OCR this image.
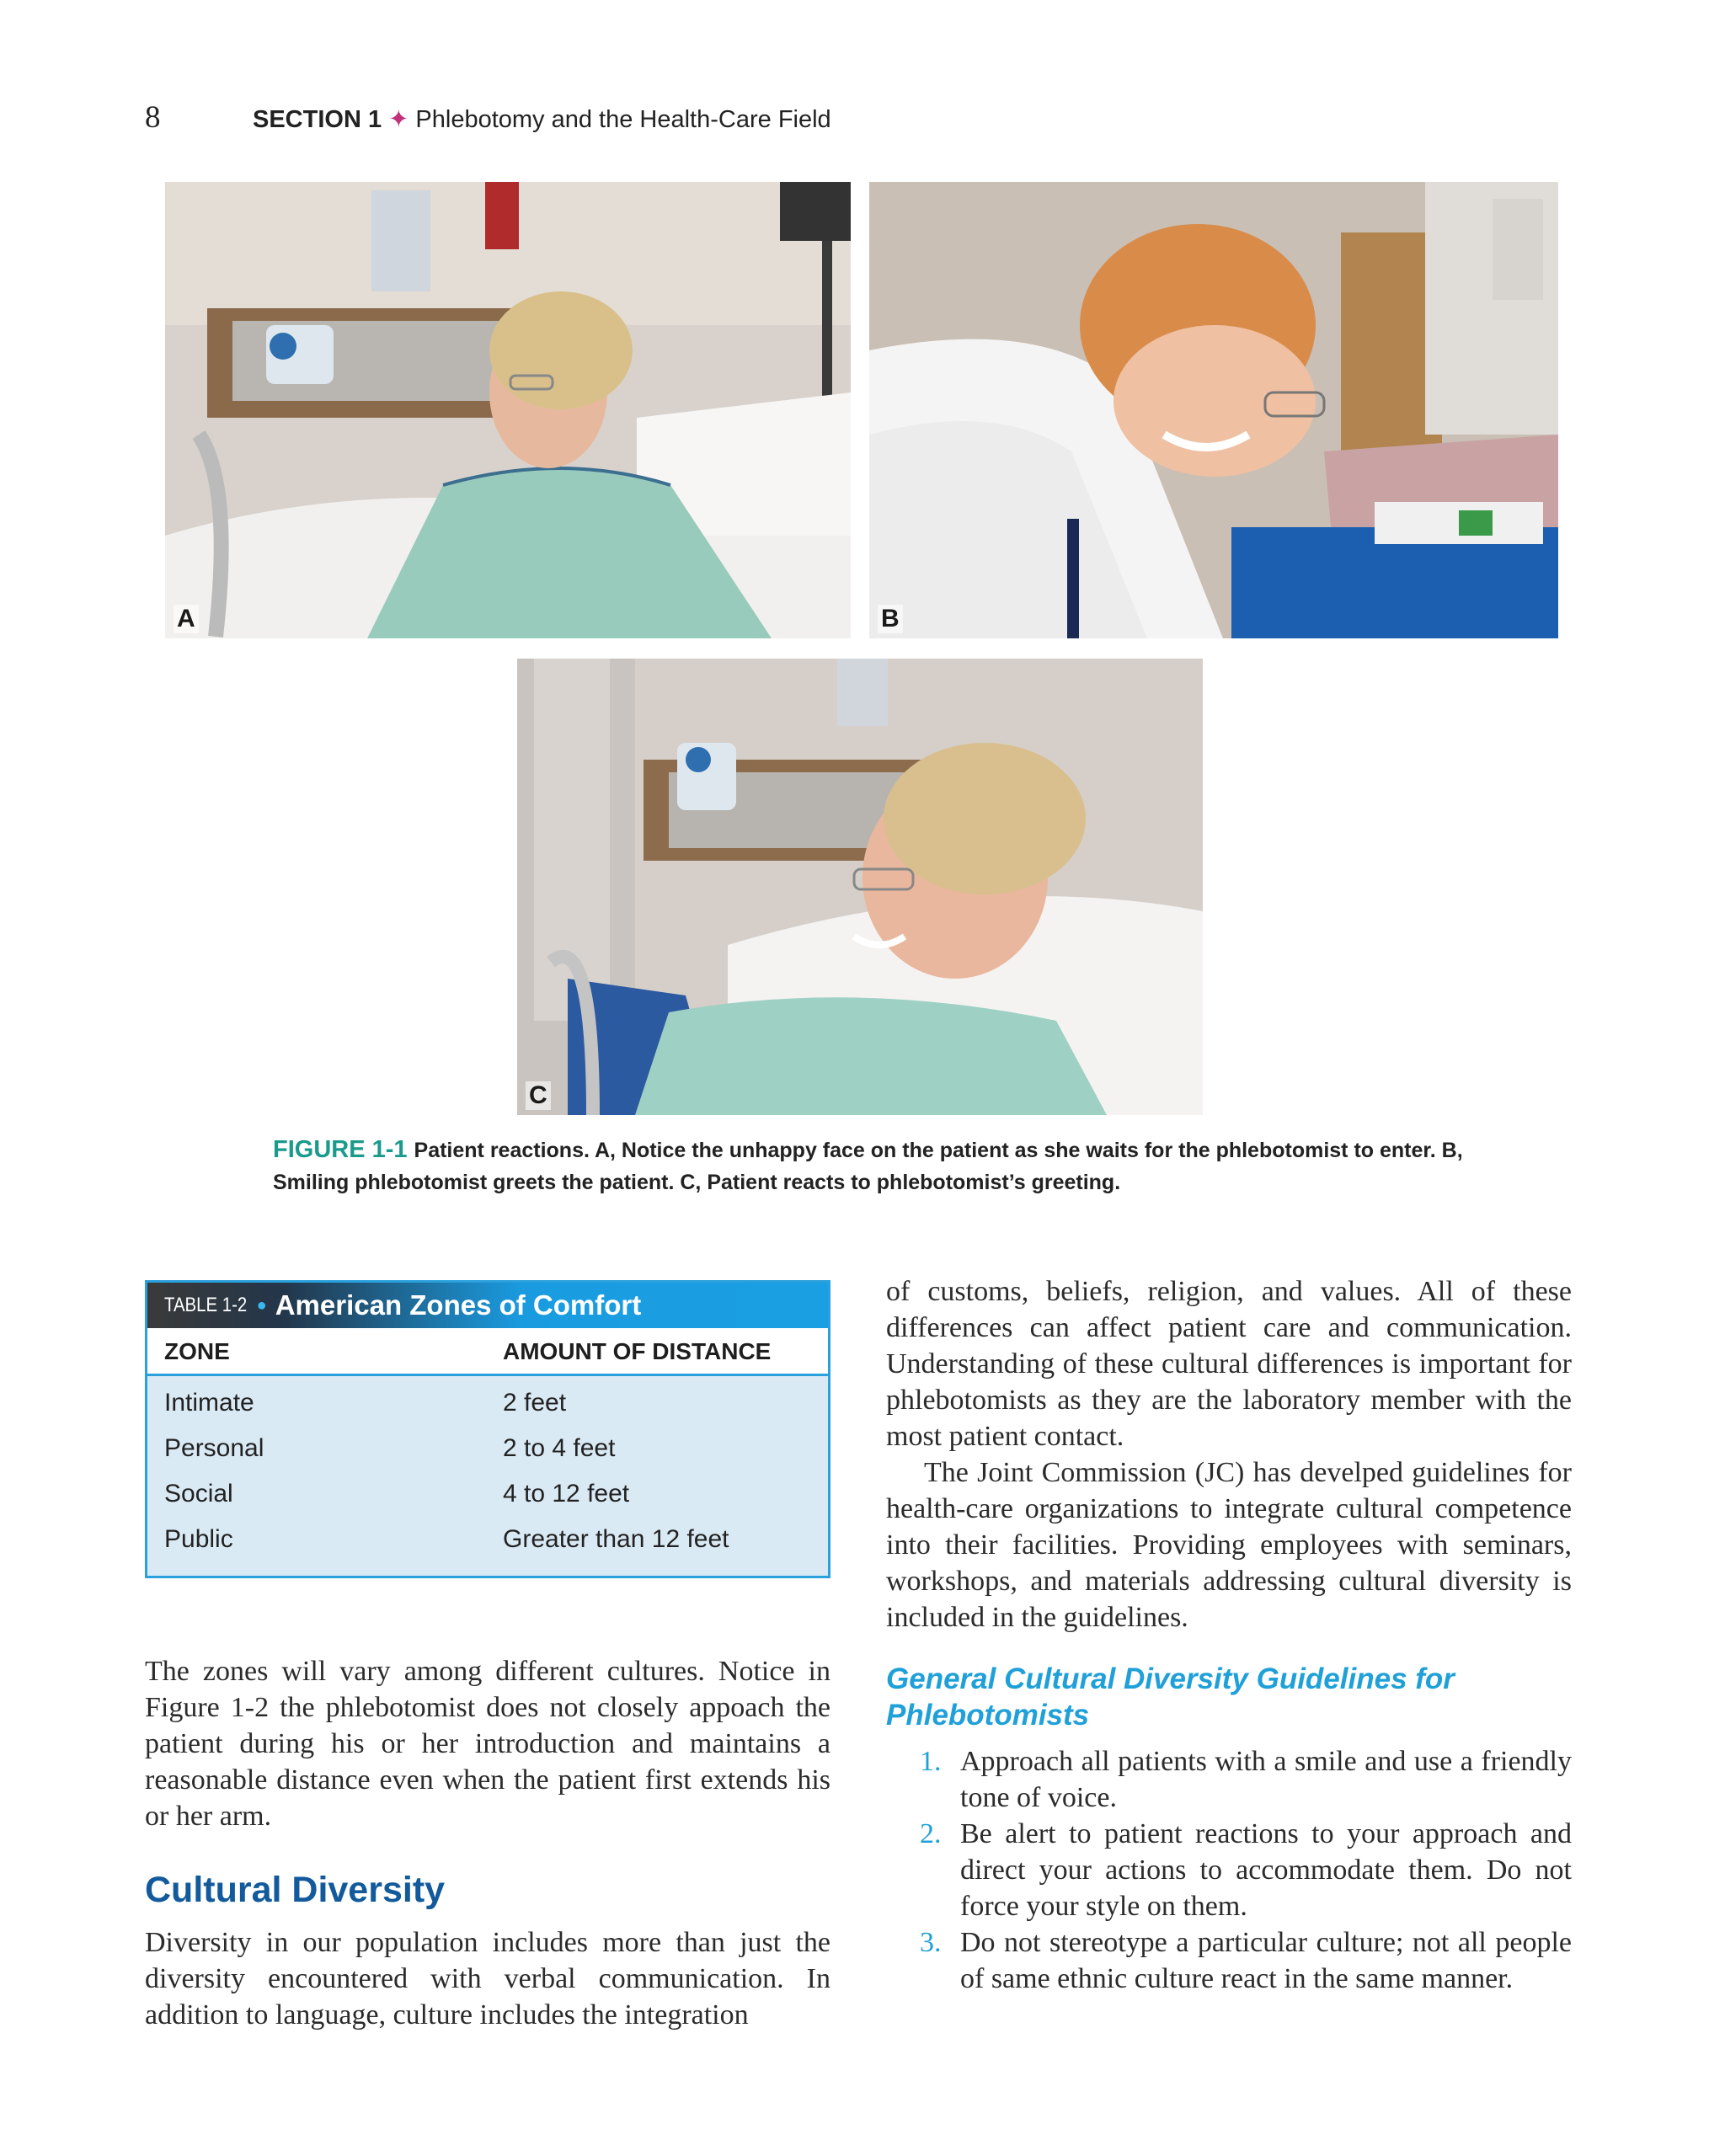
8	SECTION 1 ✦ Phlebotomy and the Health-Care Field
A	B
C
FIGURE 1-1 Patient reactions. A, Notice the unhappy face on the patient as she waits for the phlebotomist to enter. B, Smiling phlebotomist greets the patient. C, Patient reacts to phlebotomist’s greeting.
TABLE 1-2 ● American Zones of Comfort
ZONE	AMOUNT OF DISTANCE
Intimate	2 feet
Personal	2 to 4 feet
Social	4 to 12 feet
Public	Greater than 12 feet
The zones will vary among different cultures. Notice in Figure 1-2 the phlebotomist does not closely appoach the patient during his or her introduction and maintains a reasonable distance even when the patient first extends his or her arm.
Cultural Diversity
Diversity in our population includes more than just the diversity encountered with verbal communication. In addition to language, culture includes the integration
of customs, beliefs, religion, and values. All of these differences can affect patient care and communication. Understanding of these cultural differences is important for phlebotomists as they are the laboratory member with the most patient contact.
The Joint Commission (JC) has develped guidelines for health-care organizations to integrate cultural competence into their facilities. Providing employees with seminars, workshops, and materials addressing cultural diversity is included in the guidelines.
General Cultural Diversity Guidelines for Phlebotomists
1. Approach all patients with a smile and use a friendly tone of voice.
2. Be alert to patient reactions to your approach and direct your actions to accommodate them. Do not force your style on them.
3. Do not stereotype a particular culture; not all people of same ethnic culture react in the same manner.
